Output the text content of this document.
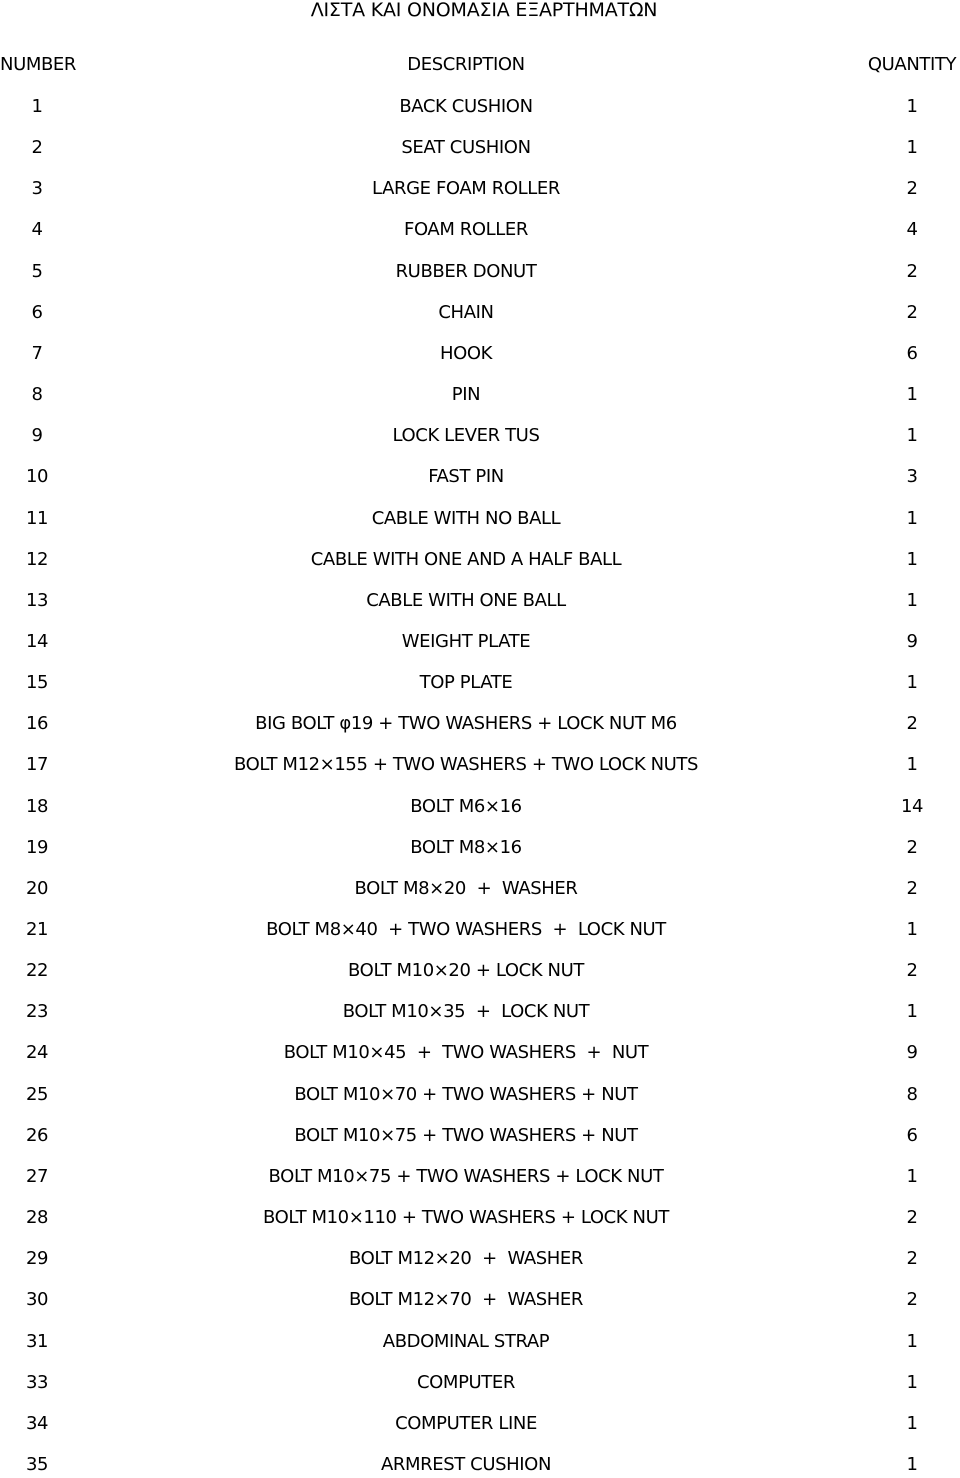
ΛΙΣΤΑ ΚΑΙ ΟΝΟΜΑΣΙΑ ΕΞΑΡΤΗΜΑΤΩΝ
NUMBER	DESCRIPTION	QUANTITY
1	BACK CUSHION	1
2	SEAT CUSHION	1
3	LARGE FOAM ROLLER	2
4	FOAM ROLLER	4
5	RUBBER DONUT	2
6	CHAIN	2
7	HOOK	6
8	PIN	1
9	LOCK LEVER TUS	1
10	FAST PIN	3
11	CABLE WITH NO BALL	1
12	CABLE WITH ONE AND A HALF BALL	1
13	CABLE WITH ONE BALL	1
14	WEIGHT PLATE	9
15	TOP PLATE	1
16	BIG BOLT φ19 + TWO WASHERS + LOCK NUT M6	2
17	BOLT M12×155 + TWO WASHERS + TWO LOCK NUTS	1
18	BOLT M6×16	14
19	BOLT M8×16	2
20	BOLT M8×20  +  WASHER	2
21	BOLT M8×40  + TWO WASHERS  +  LOCK NUT	1
22	BOLT M10×20 + LOCK NUT	2
23	BOLT M10×35  +  LOCK NUT	1
24	BOLT M10×45  +  TWO WASHERS  +  NUT	9
25	BOLT M10×70 + TWO WASHERS + NUT	8
26	BOLT M10×75 + TWO WASHERS + NUT	6
27	BOLT M10×75 + TWO WASHERS + LOCK NUT	1
28	BOLT M10×110 + TWO WASHERS + LOCK NUT	2
29	BOLT M12×20  +  WASHER	2
30	BOLT M12×70  +  WASHER	2
31	ABDOMINAL STRAP	1
33	COMPUTER	1
34	COMPUTER LINE	1
35	ARMREST CUSHION	1
